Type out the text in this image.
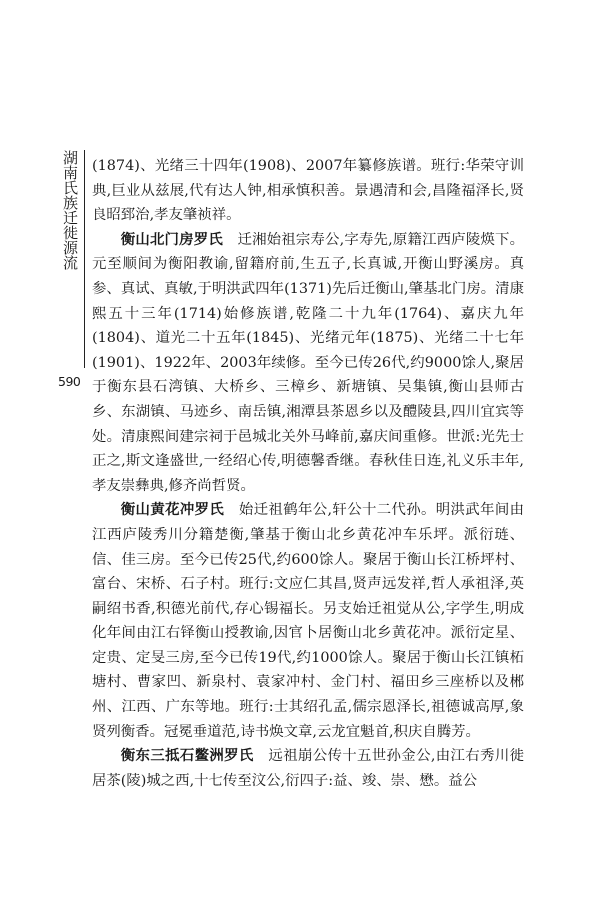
湖南氏族迁徙源流
590

(1874)、光绪三十四年(1908)、2007年纂修族谱。班行:华荣守训典,巨业从兹展,代有达人钟,相承慎积善。景遇清和会,昌隆福泽长,贤良昭郅治,孝友肇祯祥。

衡山北门房罗氏  迁湘始祖宗寿公,字寿先,原籍江西庐陵煐下。元至顺间为衡阳教谕,留籍府前,生五子,长真诚,开衡山野溪房。真参、真试、真敏,于明洪武四年(1371)先后迁衡山,肇基北门房。清康熙五十三年(1714)始修族谱,乾隆二十九年(1764)、嘉庆九年(1804)、道光二十五年(1845)、光绪元年(1875)、光绪二十七年(1901)、1922年、2003年续修。至今已传26代,约9000馀人,聚居于衡东县石湾镇、大桥乡、三樟乡、新塘镇、吴集镇,衡山县师古乡、东湖镇、马迹乡、南岳镇,湘潭县茶恩乡以及醴陵县,四川宜宾等处。清康熙间建宗祠于邑城北关外马峰前,嘉庆间重修。世派:光先士正之,斯文逢盛世,一经绍心传,明德馨香继。春秋佳日连,礼义乐丰年,孝友崇彝典,修齐尚哲贤。

衡山黄花冲罗氏  始迁祖鹤年公,轩公十二代孙。明洪武年间由江西庐陵秀川分籍楚衡,肇基于衡山北乡黄花冲车乐坪。派衍琏、信、佳三房。至今已传25代,约600馀人。聚居于衡山长江桥坪村、富台、宋桥、石子村。班行:文应仁其昌,贤声远发祥,哲人承祖泽,英嗣绍书香,积德光前代,存心锡福长。另支始迁祖觉从公,字学生,明成化年间由江右铎衡山授教谕,因官卜居衡山北乡黄花冲。派衍定星、定贵、定旻三房,至今已传19代,约1000馀人。聚居于衡山长江镇柘塘村、曹家凹、新泉村、袁家冲村、金门村、福田乡三座桥以及郴州、江西、广东等地。班行:士其绍孔孟,儒宗恩泽长,祖德诚高厚,象贤列衡香。冠冕垂道范,诗书焕文章,云龙宜魁首,积庆自腾芳。

衡东三抵石鳖洲罗氏  远祖崩公传十五世孙金公,由江右秀川徙居茶(陵)城之西,十七传至汶公,衍四子:益、竣、崇、懋。益公
